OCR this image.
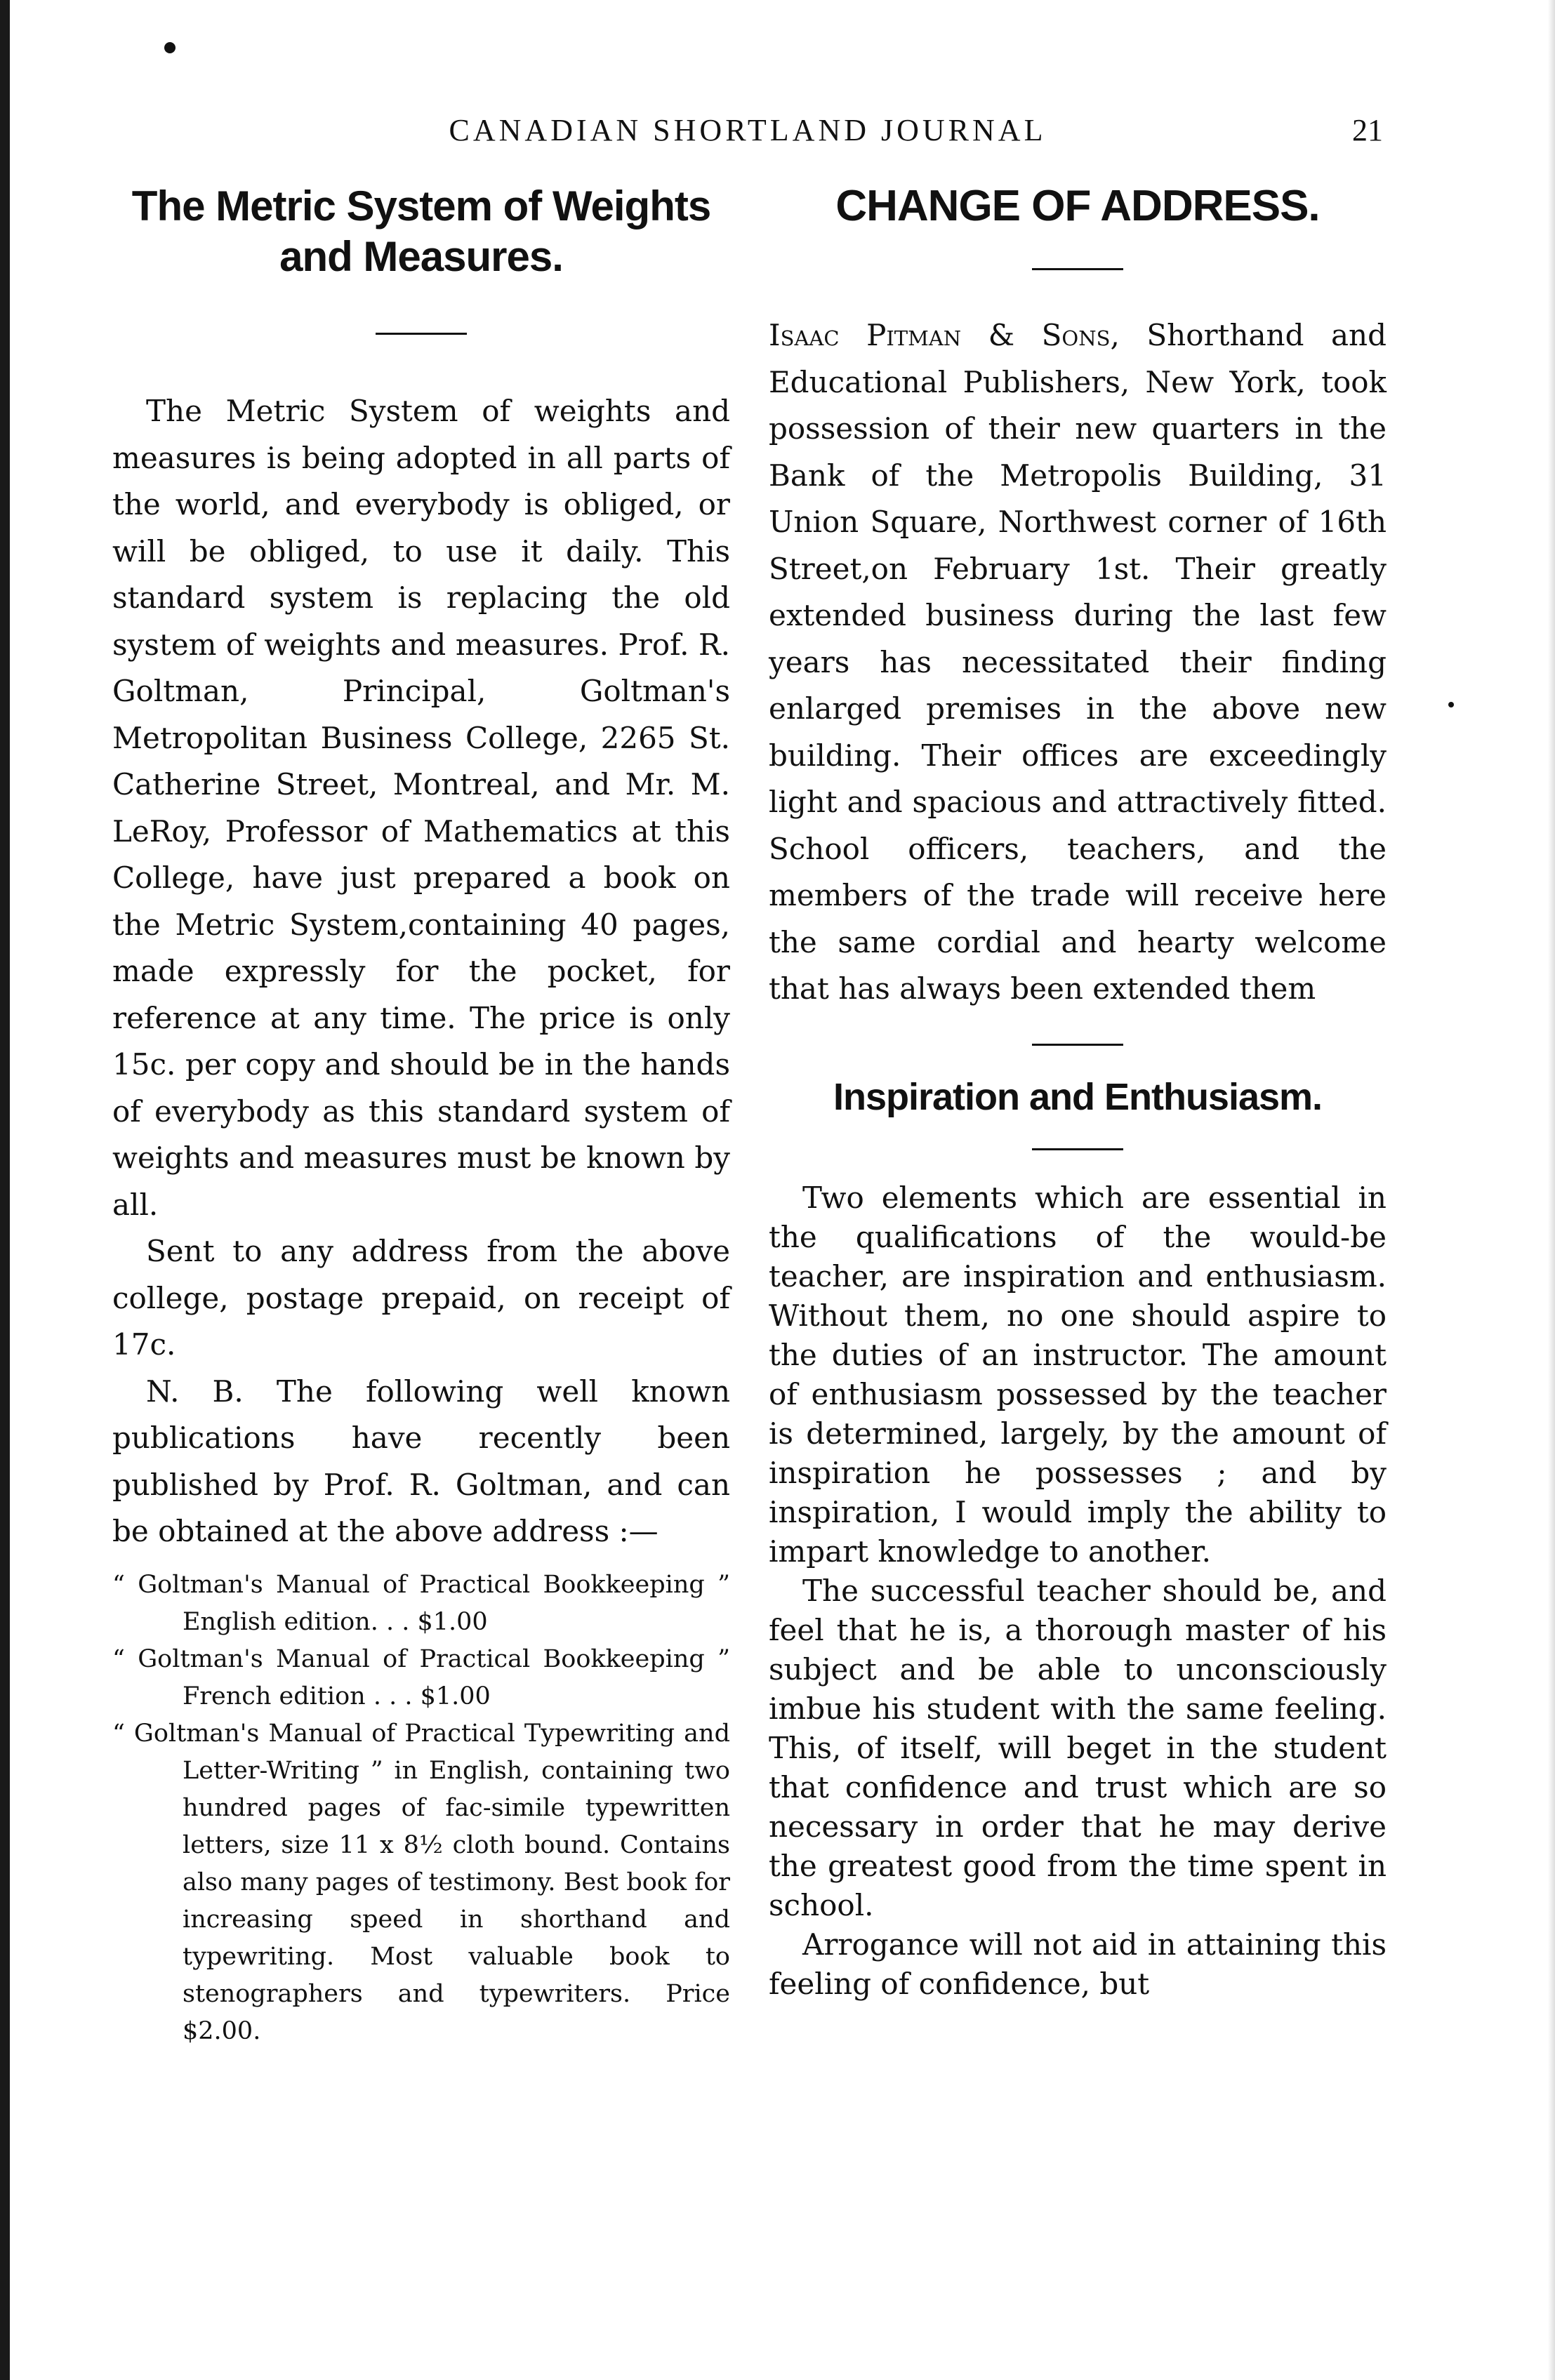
CANADIAN SHORTLAND JOURNAL	21
The Metric System of Weights
and Measures.

The Metric System of weights and measures is being adopted in all parts of the world, and everybody is obliged, or will be obliged, to use it daily. This standard system is replacing the old system of weights and measures. Prof. R. Goltman, Principal, Goltman's Metropolitan Business College, 2265 St. Catherine Street, Montreal, and Mr. M. LeRoy, Professor of Mathematics at this College, have just prepared a book on the Metric System,containing 40 pages, made expressly for the pocket, for reference at any time. The price is only 15c. per copy and should be in the hands of everybody as this standard system of weights and measures must be known by all.

Sent to any address from the above college, postage prepaid, on receipt of 17c.

N. B. The following well known publications have recently been published by Prof. R. Goltman, and can be obtained at the above address :—

“ Goltman's Manual of Practical Bookkeeping ” English edition. . . $1.00

“ Goltman's Manual of Practical Bookkeeping ” French edition . . . $1.00

“ Goltman's Manual of Practical Typewriting and Letter-Writing ” in English, containing two hundred pages of fac-simile typewritten letters, size 11 x 8½ cloth bound. Contains also many pages of testimony. Best book for increasing speed in shorthand and typewriting. Most valuable book to stenographers and typewriters. Price $2.00.

CHANGE OF ADDRESS.

Isaac Pitman & Sons, Shorthand and Educational Publishers, New York, took possession of their new quarters in the Bank of the Metropolis Building, 31 Union Square, Northwest corner of 16th Street,on February 1st. Their greatly extended business during the last few years has necessitated their finding enlarged premises in the above new building. Their offices are exceedingly light and spacious and attractively fitted. School officers, teachers, and the members of the trade will receive here the same cordial and hearty welcome that has always been extended them

Inspiration and Enthusiasm.

Two elements which are essential in the qualifications of the would-be teacher, are inspiration and enthusiasm. Without them, no one should aspire to the duties of an instructor. The amount of enthusiasm possessed by the teacher is determined, largely, by the amount of inspiration he possesses ; and by inspiration, I would imply the ability to impart knowledge to another.

The successful teacher should be, and feel that he is, a thorough master of his subject and be able to unconsciously imbue his student with the same feeling. This, of itself, will beget in the student that confidence and trust which are so necessary in order that he may derive the greatest good from the time spent in school.

Arrogance will not aid in attaining this feeling of confidence, but
